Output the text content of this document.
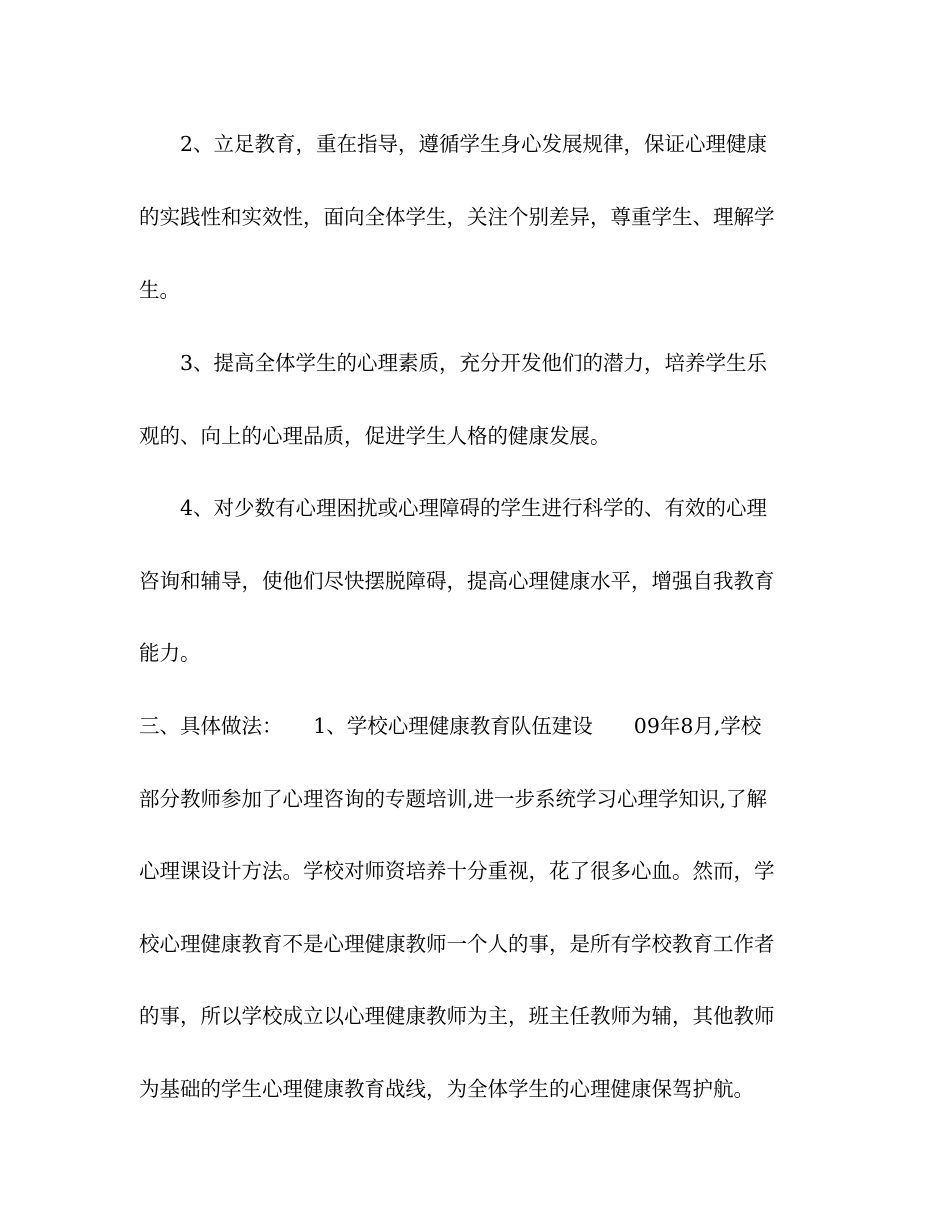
　　2、立足教育，重在指导，遵循学生身心发展规律，保证心理健康
的实践性和实效性，面向全体学生，关注个别差异，尊重学生、理解学
生。
　　3、提高全体学生的心理素质，充分开发他们的潜力，培养学生乐
观的、向上的心理品质，促进学生人格的健康发展。
　　4、对少数有心理困扰或心理障碍的学生进行科学的、有效的心理
咨询和辅导，使他们尽快摆脱障碍，提高心理健康水平，增强自我教育
能力。
三、具体做法：　　1、学校心理健康教育队伍建设　　09年8月,学校
部分教师参加了心理咨询的专题培训,进一步系统学习心理学知识,了解
心理课设计方法。学校对师资培养十分重视，花了很多心血。然而，学
校心理健康教育不是心理健康教师一个人的事，是所有学校教育工作者
的事，所以学校成立以心理健康教师为主，班主任教师为辅，其他教师
为基础的学生心理健康教育战线，为全体学生的心理健康保驾护航。
